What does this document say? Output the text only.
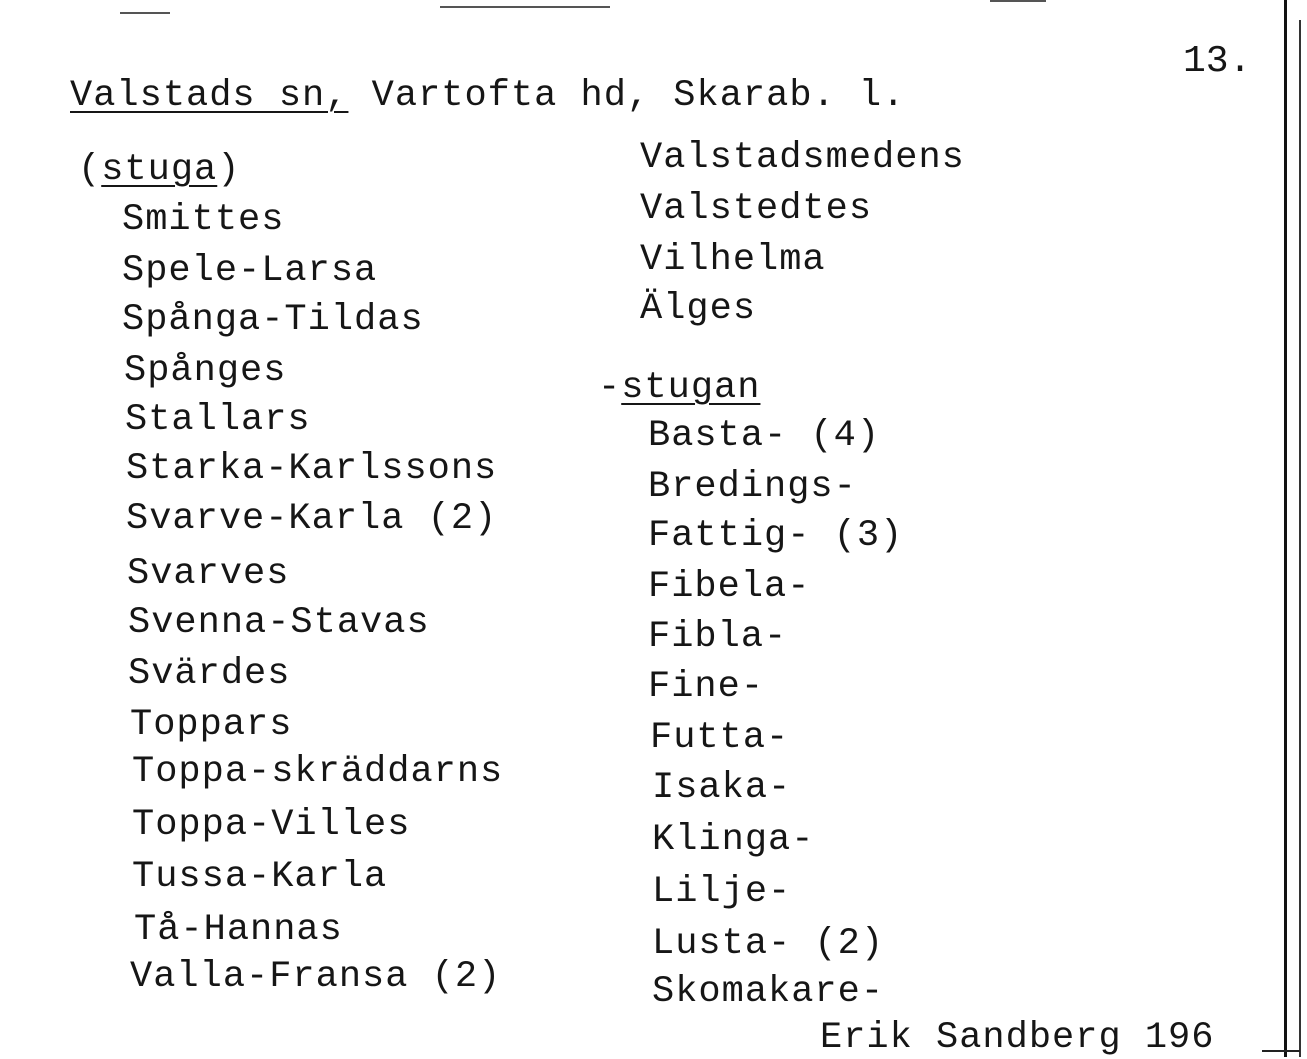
13.
Valstads sn, Vartofta hd, Skarab. l.
(stuga)
Smittes
Spele-Larsa
Spånga-Tildas
Spånges
Stallars
Starka-Karlssons
Svarve-Karla (2)
Svarves
Svenna-Stavas
Svärdes
Toppars
Toppa-skräddarns
Toppa-Villes
Tussa-Karla
Tå-Hannas
Valla-Fransa (2)
Valstadsmedens
Valstedtes
Vilhelma
Älges
-stugan
Basta- (4)
Bredings-
Fattig- (3)
Fibela-
Fibla-
Fine-
Futta-
Isaka-
Klinga-
Lilje-
Lusta- (2)
Skomakare-
Erik Sandberg 196
